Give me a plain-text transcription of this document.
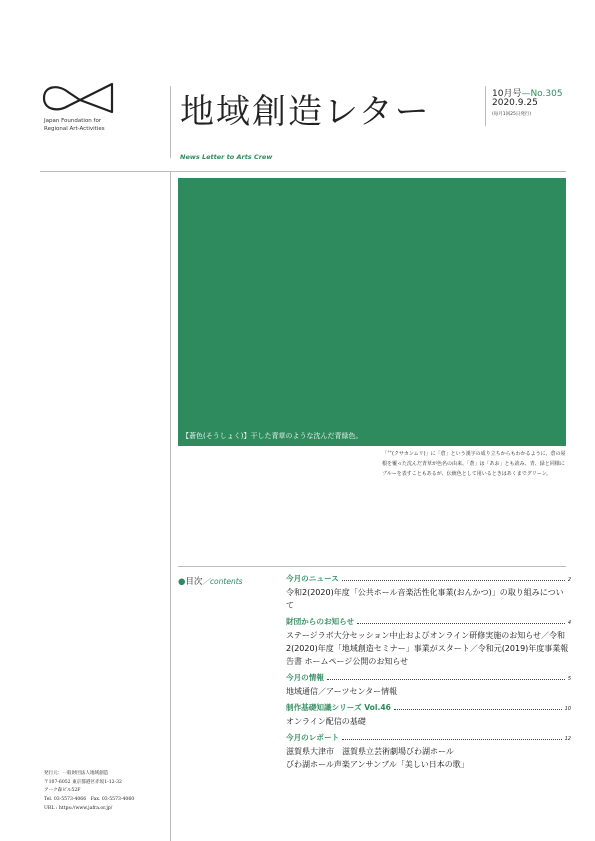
Japan Foundation for
Regional Art-Activities	地域創造レター	10月号—No.305
2020.9.25
(毎月1回25日発行)
News Letter to Arts Crew
【蒼色(そうしょく)】干した青草のような沈んだ青緑色。
「艹(クサカンムリ)」に「倉」という漢字の成り立ちからもわかるように、倉の屋根を覆った沈んだ青草が色名の由来。「蒼」は「あお」とも読み、青、緑と同様にブルーを表すこともあるが、伝統色として用いるときはあくまでグリーン。
●目次／contents	今月のニュース	2
令和2(2020)年度「公共ホール音楽活性化事業(おんかつ)」の取り組みについて
財団からのお知らせ	4
ステージラボ大分セッション中止およびオンライン研修実施のお知らせ／令和2(2020)年度「地域創造セミナー」事業がスタート／令和元(2019)年度事業報告書 ホームページ公開のお知らせ
今月の情報	5
地域通信／アーツセンター情報
制作基礎知識シリーズ Vol.46	10
オンライン配信の基礎
今月のレポート	12
滋賀県大津市　滋賀県立芸術劇場びわ湖ホール
びわ湖ホール声楽アンサンブル「美しい日本の歌」
発行元：一般財団法人地域創造
〒107-6052 東京都港区赤坂1-12-32
アーク森ビル52F
Tel. 03-5573-4066　Fax. 03-5573-4060
URL : https://www.jafra.or.jp/
